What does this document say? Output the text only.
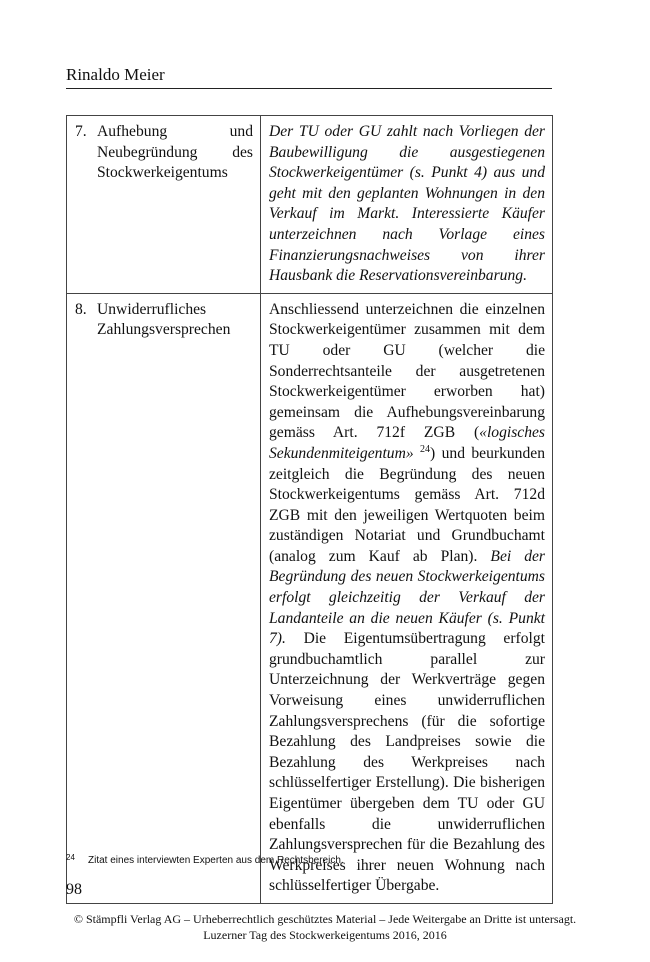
Rinaldo Meier
7. Aufhebung und Neubegründung des Stockwerkeigentums	Der TU oder GU zahlt nach Vorliegen der Baubewilligung die ausgestiegenen Stockwerkeigentümer (s. Punkt 4) aus und geht mit den geplanten Wohnungen in den Verkauf im Markt. Interessierte Käufer unterzeichnen nach Vorlage eines Finanzierungsnachweises von ihrer Hausbank die Reservationsvereinbarung.

8. Unwiderrufliches Zahlungsversprechen	Anschliessend unterzeichnen die einzelnen Stockwerkeigentümer zusammen mit dem TU oder GU (welcher die Sonderrechtsanteile der ausgetretenen Stockwerkeigentümer erworben hat) gemeinsam die Aufhebungsvereinbarung gemäss Art. 712f ZGB («logisches Sekundenmiteigentum» $^{24}$) und beurkunden zeitgleich die Begründung des neuen Stockwerkeigentums gemäss Art. 712d ZGB mit den jeweiligen Wertquoten beim zuständigen Notariat und Grundbuchamt (analog zum Kauf ab Plan). Bei der Begründung des neuen Stockwerkeigentums erfolgt gleichzeitig der Verkauf der Landanteile an die neuen Käufer (s. Punkt 7). Die Eigentumsübertragung erfolgt grundbuchamtlich parallel zur Unterzeichnung der Werkverträge gegen Vorweisung eines unwiderruflichen Zahlungsversprechens (für die sofortige Bezahlung des Landpreises sowie die Bezahlung des Werkpreises nach schlüsselfertiger Erstellung). Die bisherigen Eigentümer übergeben dem TU oder GU ebenfalls die unwiderruflichen Zahlungsversprechen für die Bezahlung des Werkpreises ihrer neuen Wohnung nach schlüsselfertiger Übergabe.
24 Zitat eines interviewten Experten aus dem Rechtsbereich.
98
© Stämpfli Verlag AG – Urheberrechtlich geschütztes Material – Jede Weitergabe an Dritte ist untersagt.
Luzerner Tag des Stockwerkeigentums 2016, 2016
